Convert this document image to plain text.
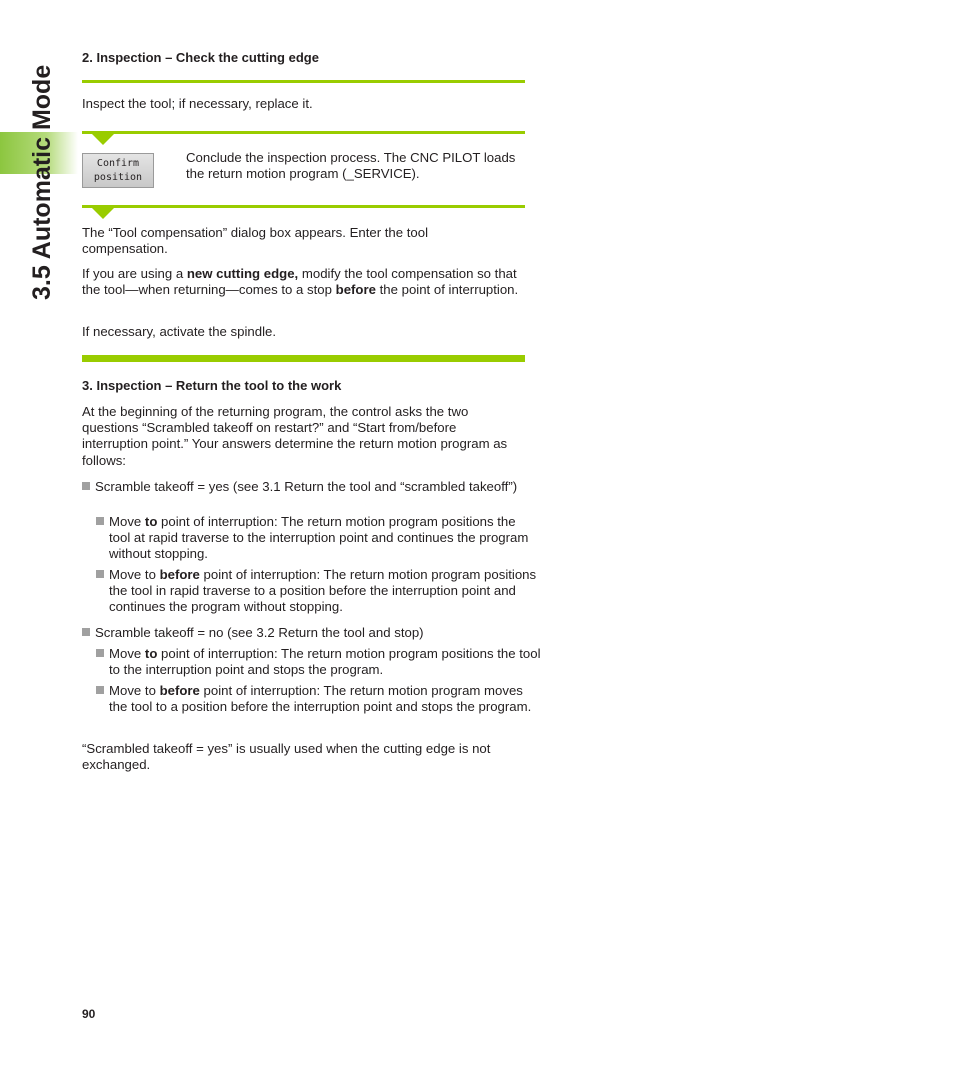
3.5 Automatic Mode

2. Inspection – Check the cutting edge

Inspect the tool; if necessary, replace it.

Confirm
position

Conclude the inspection process. The CNC PILOT loads the return motion program (_SERVICE).

The “Tool compensation” dialog box appears. Enter the tool compensation.

If you are using a new cutting edge, modify the tool compensation so that the tool—when returning—comes to a stop before the point of interruption.

If necessary, activate the spindle.

3. Inspection – Return the tool to the work

At the beginning of the returning program, the control asks the two questions “Scrambled takeoff on restart?” and “Start from/before interruption point.” Your answers determine the return motion program as follows:

Scramble takeoff = yes (see 3.1 Return the tool and “scrambled takeoff”)

Move to point of interruption: The return motion program positions the tool at rapid traverse to the interruption point and continues the program without stopping.

Move to before point of interruption: The return motion program positions the tool in rapid traverse to a position before the interruption point and continues the program without stopping.

Scramble takeoff = no (see 3.2 Return the tool and stop)

Move to point of interruption: The return motion program positions the tool to the interruption point and stops the program.

Move to before point of interruption: The return motion program moves the tool to a position before the interruption point and stops the program.

“Scrambled takeoff = yes” is usually used when the cutting edge is not exchanged.

90
